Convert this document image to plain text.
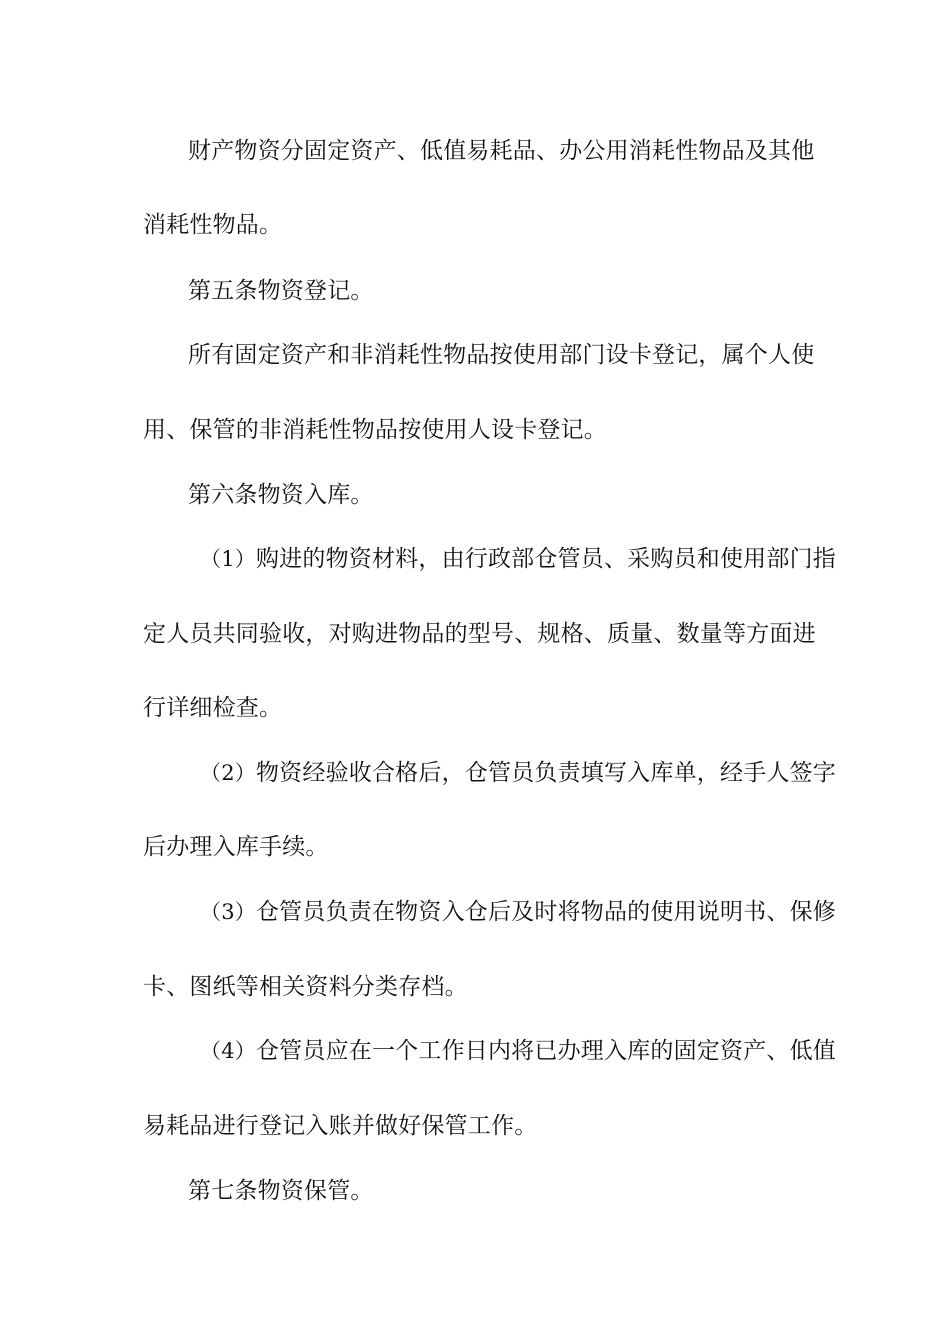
财产物资分固定资产、低值易耗品、办公用消耗性物品及其他
消耗性物品。
第五条物资登记。
所有固定资产和非消耗性物品按使用部门设卡登记，属个人使
用、保管的非消耗性物品按使用人设卡登记。
第六条物资入库。
（1）购进的物资材料，由行政部仓管员、采购员和使用部门指
定人员共同验收，对购进物品的型号、规格、质量、数量等方面进
行详细检查。
（2）物资经验收合格后，仓管员负责填写入库单，经手人签字
后办理入库手续。
（3）仓管员负责在物资入仓后及时将物品的使用说明书、保修
卡、图纸等相关资料分类存档。
（4）仓管员应在一个工作日内将已办理入库的固定资产、低值
易耗品进行登记入账并做好保管工作。
第七条物资保管。
